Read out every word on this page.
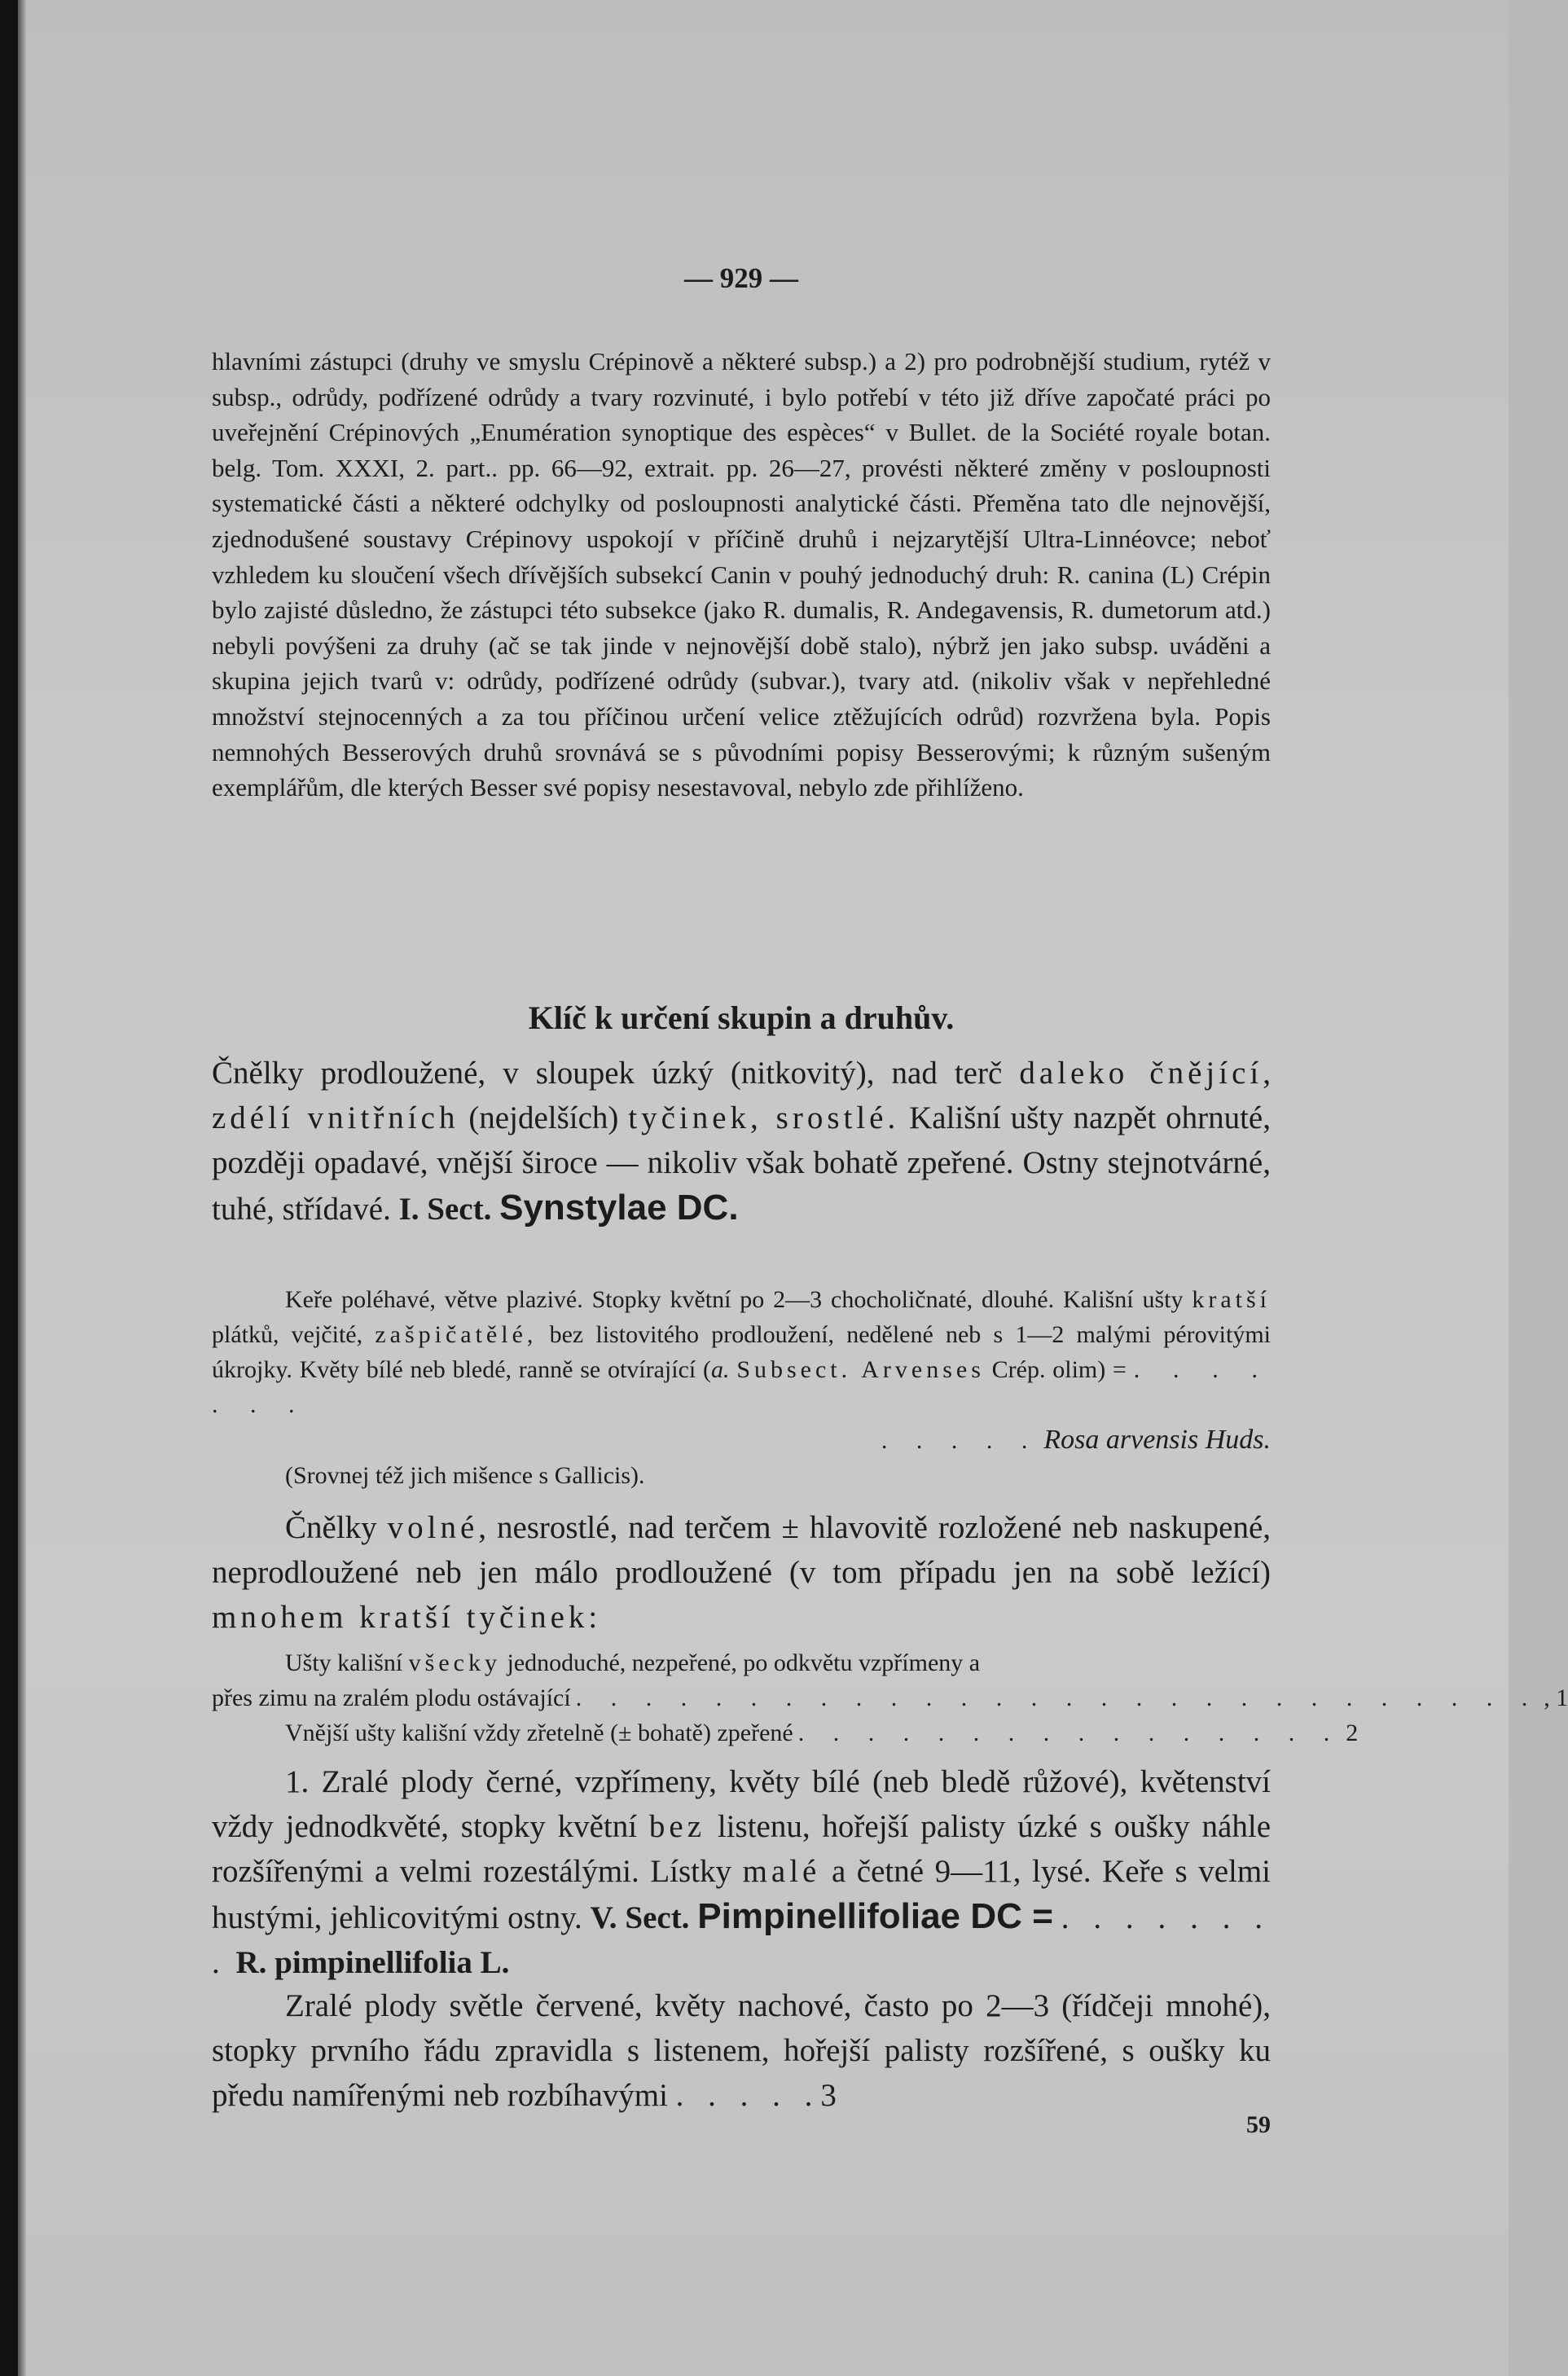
— 929 —

hlavními zástupci (druhy ve smyslu Crépinově a některé subsp.) a 2) pro podrobnější studium, rytéž v subsp., odrůdy, podřízené odrůdy a tvary rozvinuté, i bylo potřebí v této již dříve započaté práci po uveřejnění Crépinových „Enumération synoptique des espèces“ v Bullet. de la Société royale botan. belg. Tom. XXXI, 2. part.. pp. 66—92, extrait. pp. 26—27, provésti některé změny v posloupnosti systematické části a některé odchylky od posloupnosti analytické části. Přeměna tato dle nejnovější, zjednodušené soustavy Crépinovy uspokojí v příčině druhů i nejzarytější Ultra-Linnéovce; neboť vzhledem ku sloučení všech dřívějších subsekcí Canin v pouhý jednoduchý druh: R. canina (L) Crépin bylo zajisté důsledno, že zástupci této subsekce (jako R. dumalis, R. Andegavensis, R. dumetorum atd.) nebyli povýšeni za druhy (ač se tak jinde v nejnovější době stalo), nýbrž jen jako subsp. uváděni a skupina jejich tvarů v: odrůdy, podřízené odrůdy (subvar.), tvary atd. (nikoliv však v nepřehledné množství stejnocenných a za tou příčinou určení velice ztěžujících odrůd) rozvržena byla. Popis nemnohých Besserových druhů srovnává se s původními popisy Besserovými; k různým sušeným exemplářům, dle kterých Besser své popisy nesestavoval, nebylo zde přihlíženo.

Klíč k určení skupin a druhův.

Čnělky prodloužené, v sloupek úzký (nitkovitý), nad terč daleko čnějící, zdélí vnitřních (nejdelších) tyčinek, srostlé. Kališní ušty nazpět ohrnuté, později opadavé, vnější široce — nikoliv však bohatě zpeřené. Ostny stejnotvárné, tuhé, střídavé. I. Sect. Synstylae DC.

Keře poléhavé, větve plazivé. Stopky květní po 2—3 chocholičnaté, dlouhé. Kališní ušty kratší plátků, vejčité, zašpičatělé, bez listovitého prodloužení, nedělené neb s 1—2 malými pérovitými úkrojky. Květy bílé neb bledé, ranně se otvírající (a. Subsect. Arvenses Crép. olim) = . . . . . . .

. . . . . Rosa arvensis Huds.

(Srovnej též jich mišence s Gallicis).

Čnělky volné, nesrostlé, nad terčem ± hlavovitě rozložené neb naskupené, neprodloužené neb jen málo prodloužené (v tom případu jen na sobě ležící) mnohem kratší tyčinek:

Ušty kališní všecky jednoduché, nezpeřené, po odkvětu vzpřímeny a

přes zimu na zralém plodu ostávající . . . . . . . . . . . . . . . . . . . . . . . . . . . . , 1
Vnější ušty kališní vždy zřetelně (± bohatě) zpeřené . . . . . . . . . . . . . . . . 2

1. Zralé plody černé, vzpřímeny, květy bílé (neb bledě růžové), květenství vždy jednodkvěté, stopky květní bez listenu, hořejší palisty úzké s oušky náhle rozšířenými a velmi rozestálými. Lístky malé a četné 9—11, lysé. Keře s velmi hustými, jehlicovitými ostny. V. Sect. Pimpinellifoliae DC = . . . . . . . . R. pimpinellifolia L.

Zralé plody světle červené, květy nachové, často po 2—3 (řídčeji mnohé), stopky prvního řádu zpravidla s listenem, hořejší palisty rozšířené, s oušky ku předu namířenými neb rozbíhavými . . . . .3

59
